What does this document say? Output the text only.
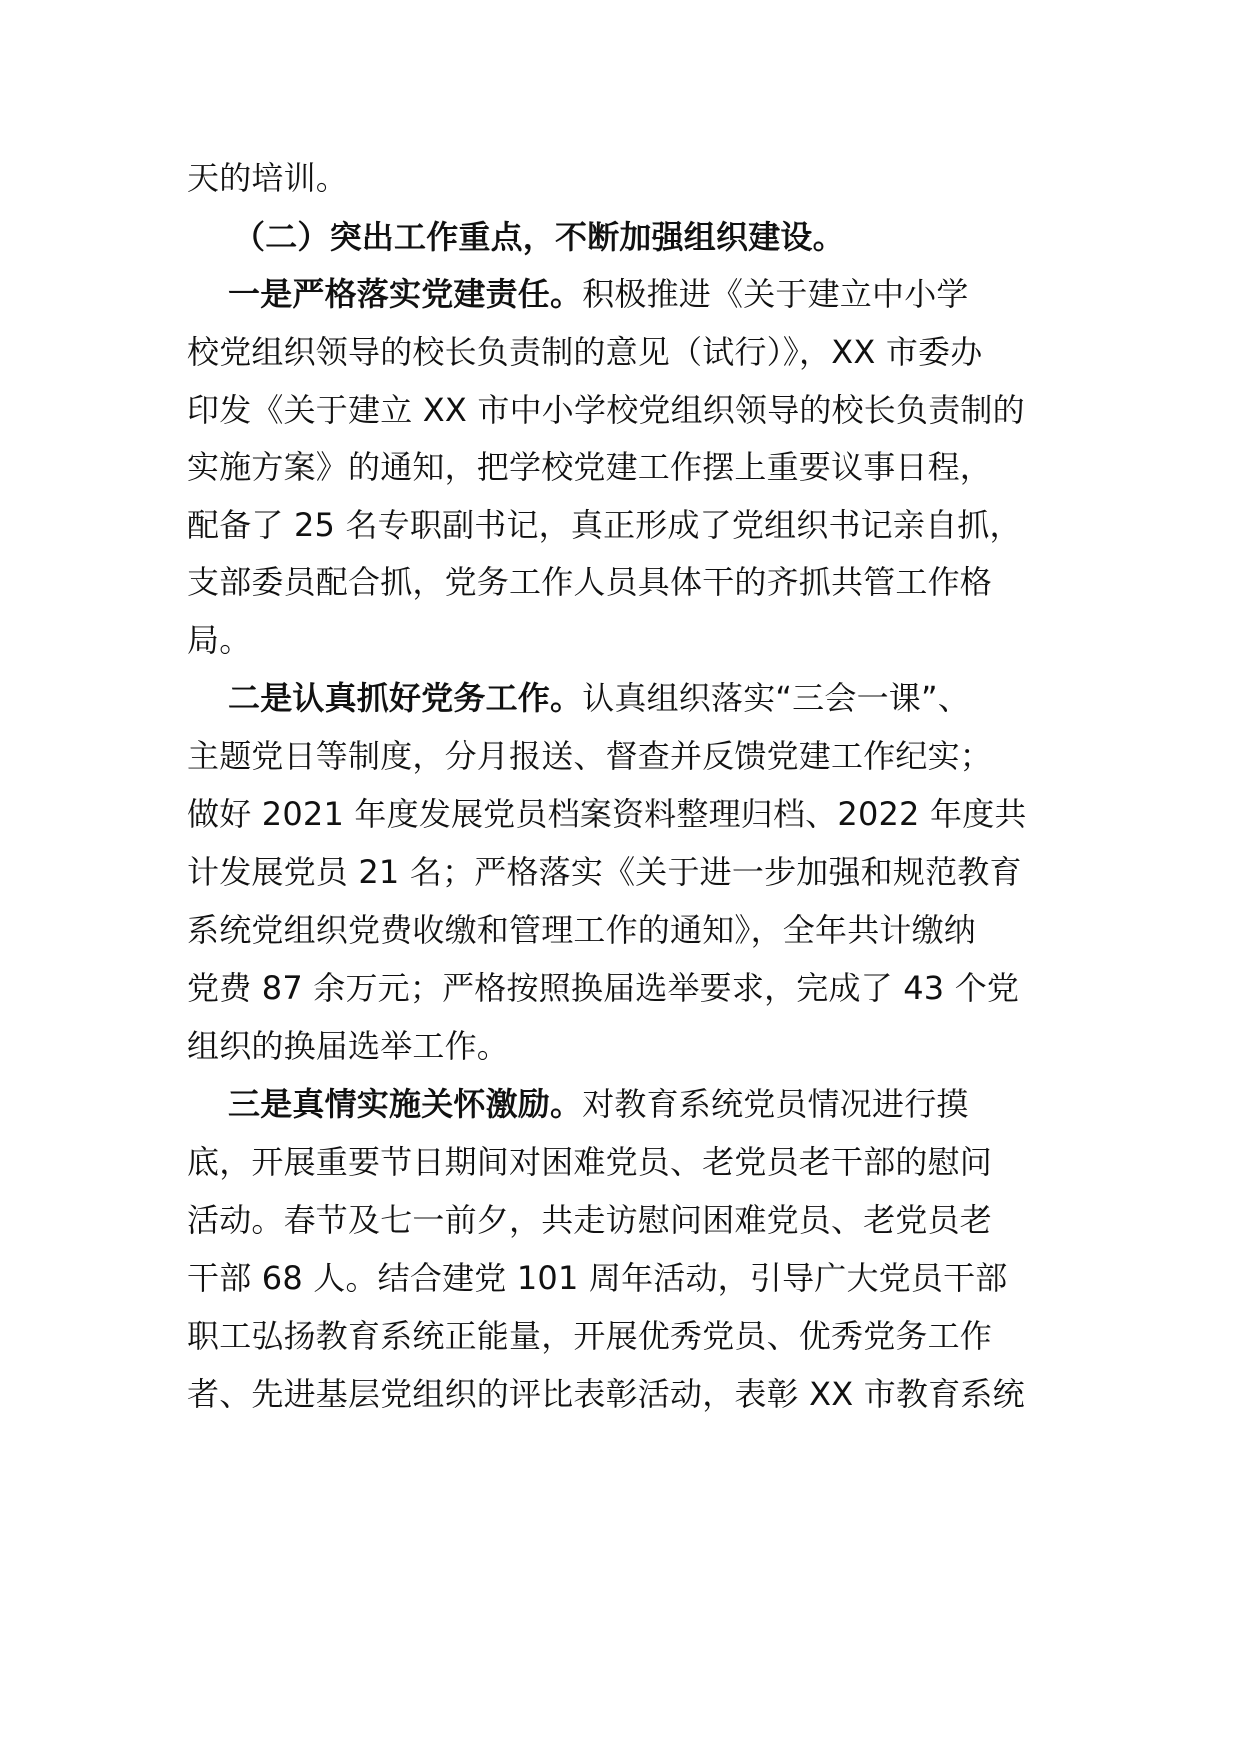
天的培训。
（二）突出工作重点，不断加强组织建设。
一是严格落实党建责任。积极推进《关于建立中小学
校党组织领导的校长负责制的意见（试行）》，XX 市委办
印发《关于建立 XX 市中小学校党组织领导的校长负责制的
实施方案》的通知，把学校党建工作摆上重要议事日程，
配备了 25 名专职副书记，真正形成了党组织书记亲自抓，
支部委员配合抓，党务工作人员具体干的齐抓共管工作格
局。
二是认真抓好党务工作。认真组织落实“三会一课”、
主题党日等制度，分月报送、督查并反馈党建工作纪实；
做好 2021 年度发展党员档案资料整理归档、2022 年度共
计发展党员 21 名；严格落实《关于进一步加强和规范教育
系统党组织党费收缴和管理工作的通知》，全年共计缴纳
党费 87 余万元；严格按照换届选举要求，完成了 43 个党
组织的换届选举工作。
三是真情实施关怀激励。对教育系统党员情况进行摸
底，开展重要节日期间对困难党员、老党员老干部的慰问
活动。春节及七一前夕，共走访慰问困难党员、老党员老
干部 68 人。结合建党 101 周年活动，引导广大党员干部
职工弘扬教育系统正能量，开展优秀党员、优秀党务工作
者、先进基层党组织的评比表彰活动，表彰 XX 市教育系统
